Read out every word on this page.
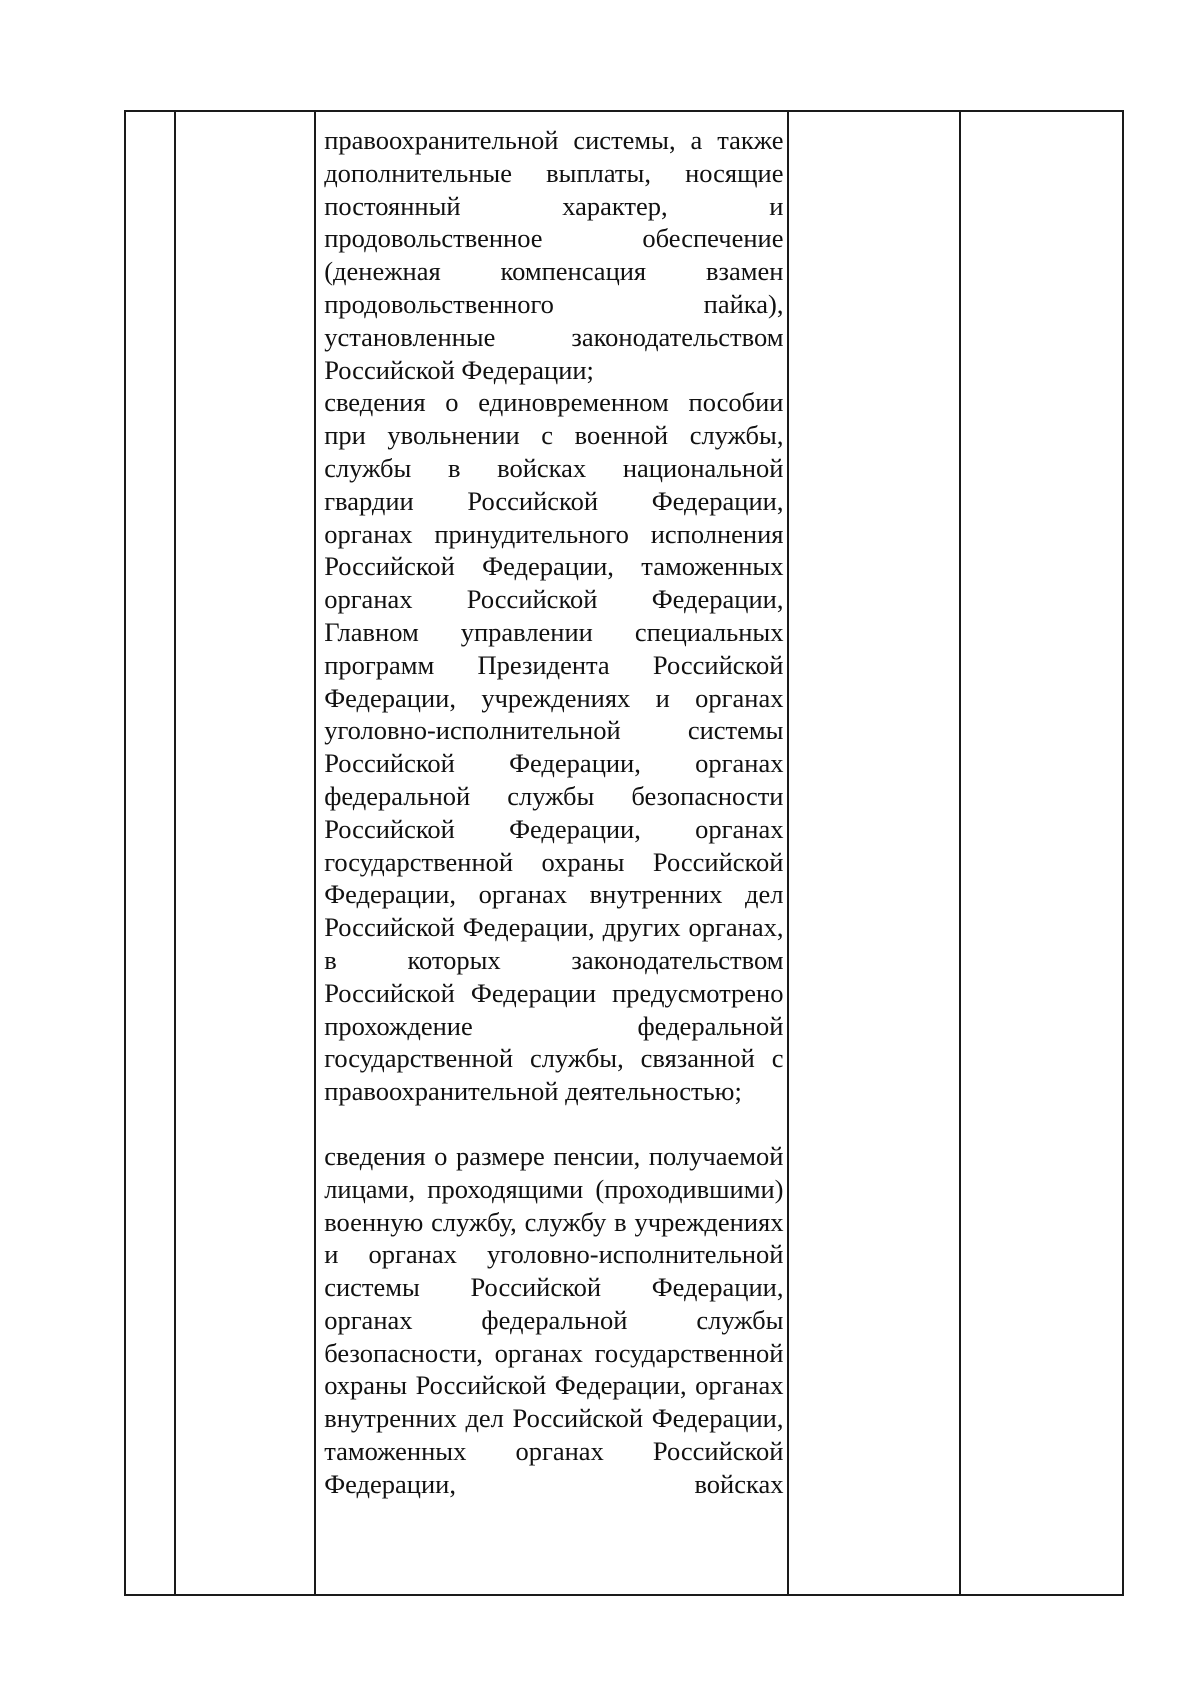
правоохранительной системы, а также дополнительные выплаты, носящие постоянный характер, и продовольственное обеспечение (денежная компенсация взамен продовольственного пайка), установленные законодательством Российской Федерации;

сведения о единовременном пособии при увольнении с военной службы, службы в войсках национальной гвардии Российской Федерации, органах принудительного исполнения Российской Федерации, таможенных органах Российской Федерации, Главном управлении специальных программ Президента Российской Федерации, учреждениях и органах уголовно-исполнительной системы Российской Федерации, органах федеральной службы безопасности Российской Федерации, органах государственной охраны Российской Федерации, органах внутренних дел Российской Федерации, других органах, в которых законодательством Российской Федерации предусмотрено прохождение федеральной государственной службы, связанной с правоохранительной деятельностью;

сведения о размере пенсии, получаемой лицами, проходящими (проходившими) военную службу, службу в учреждениях и органах уголовно-исполнительной системы Российской Федерации, органах федеральной службы безопасности, органах государственной охраны Российской Федерации, органах внутренних дел Российской Федерации, таможенных органах Российской Федерации, войсках
